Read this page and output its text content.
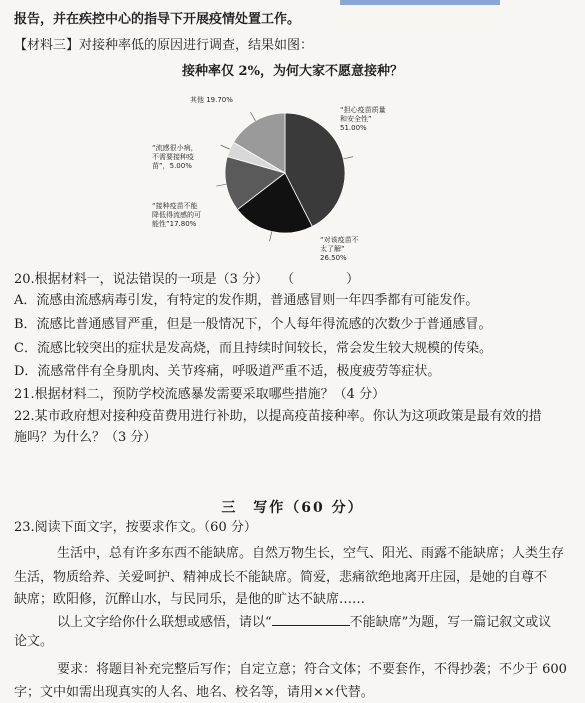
报告，并在疾控中心的指导下开展疫情处置工作。
【材料三】对接种率低的原因进行调查，结果如图：
接种率仅 2%，为何大家不愿意接种？
“担心疫苗质量和安全性” 51.00%
“对该疫苗不太了解” 26.50%
“接种疫苗不能降低得流感的可能性”17.80%
“流感很小病，不需要接种疫苗”，5.00%
其他 19.70%
20.根据材料一，说法错误的一项是（3 分）　　（　　　　）
A．流感由流感病毒引发，有特定的发作期，普通感冒则一年四季都有可能发作。
B．流感比普通感冒严重，但是一般情况下，个人每年得流感的次数少于普通感冒。
C．流感比较突出的症状是发高烧，而且持续时间较长，常会发生较大规模的传染。
D．流感常伴有全身肌肉、关节疼痛，呼吸道严重不适，极度疲劳等症状。
21.根据材料二，预防学校流感暴发需要采取哪些措施？（4 分）
22.某市政府想对接种疫苗费用进行补助，以提高疫苗接种率。你认为这项政策是最有效的措
施吗？为什么？（3 分）
三　写作（60 分）
23.阅读下面文字，按要求作文。（60 分）
生活中，总有许多东西不能缺席。自然万物生长，空气、阳光、雨露不能缺席；人类生存
生活，物质给养、关爱呵护、精神成长不能缺席。简爱，悲痛欲绝地离开庄园，是她的自尊不
缺席；欧阳修，沉醉山水，与民同乐，是他的旷达不缺席……
以上文字给你什么联想或感悟，请以“	不能缺席”为题，写一篇记叙文或议
论文。
要求：将题目补充完整后写作；自定立意；符合文体；不要套作，不得抄袭；不少于 600
字；文中如需出现真实的人名、地名、校名等，请用××代替。
